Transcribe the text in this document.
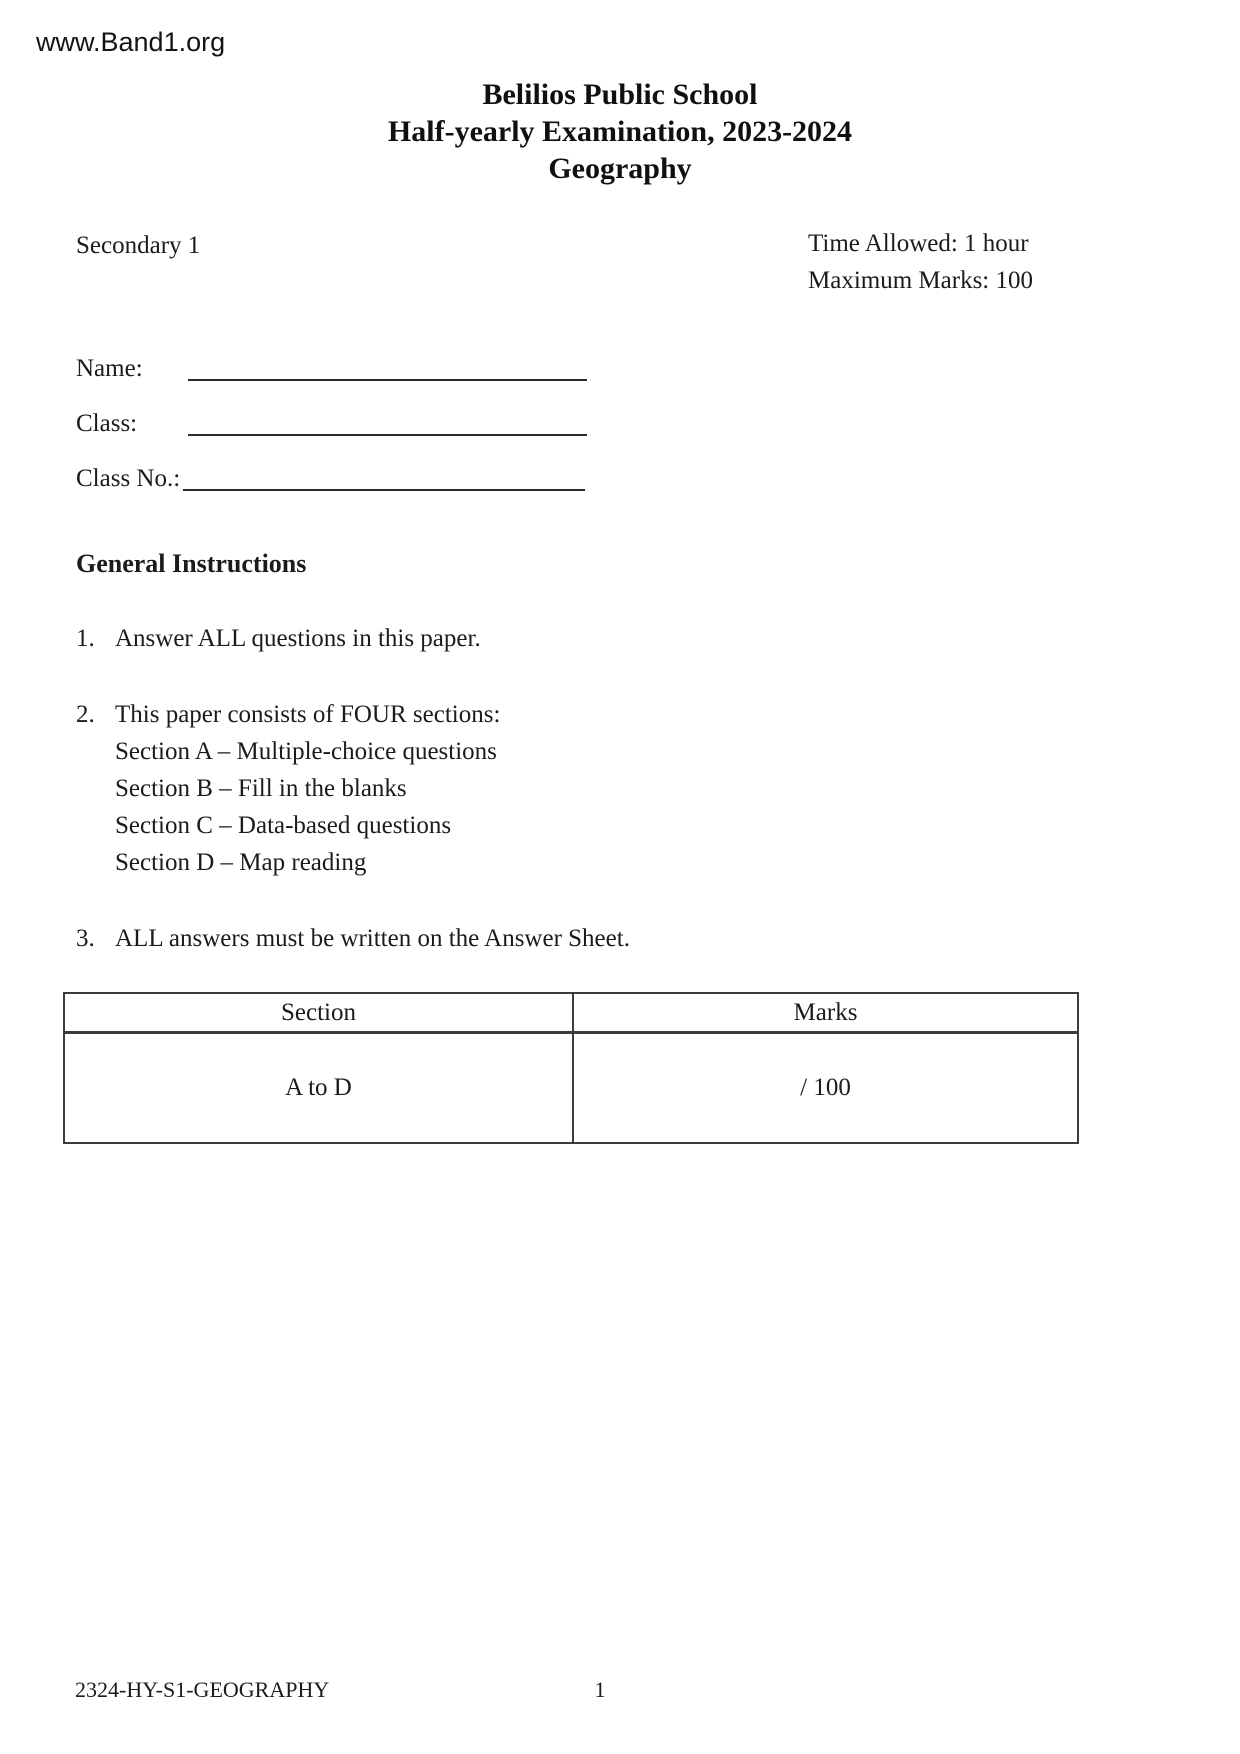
www.Band1.org
Belilios Public School
Half-yearly Examination, 2023-2024
Geography
Secondary 1	Time Allowed: 1 hour
Maximum Marks: 100
Name:
Class:
Class No.:
General Instructions
1. Answer ALL questions in this paper.
2. This paper consists of FOUR sections:
Section A – Multiple-choice questions
Section B – Fill in the blanks
Section C – Data-based questions
Section D – Map reading
3. ALL answers must be written on the Answer Sheet.
Section	Marks
A to D	/ 100
2324-HY-S1-GEOGRAPHY	1
